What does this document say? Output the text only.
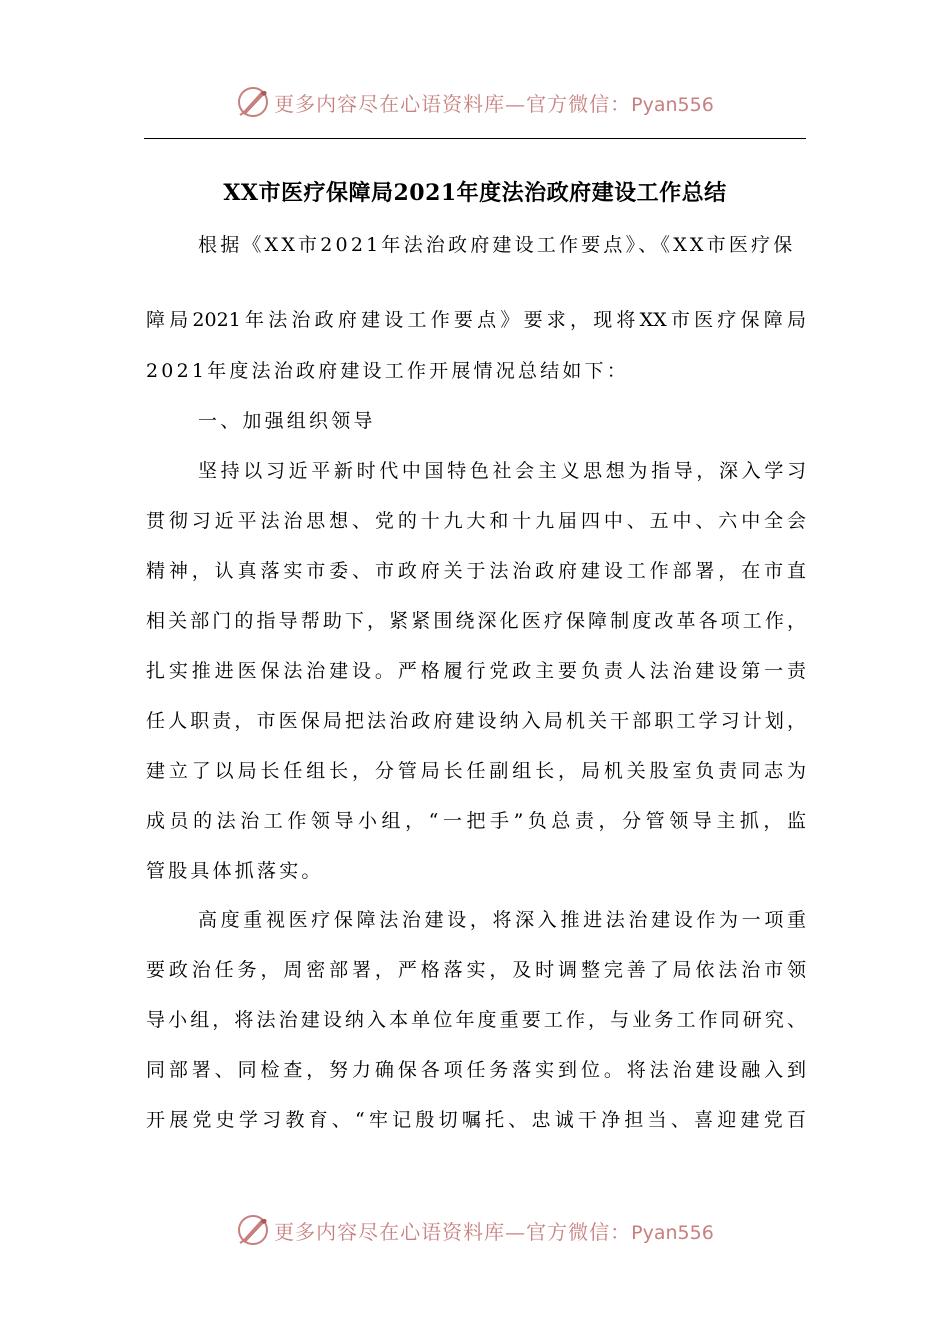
更多内容尽在心语资料库—官方微信：Pyan556
XX市医疗保障局2021年度法治政府建设工作总结
根据《XX市2021年法治政府建设工作要点》、《XX市医疗保
障局2021年法治政府建设工作要点》要求，现将XX市医疗保障局
2021年度法治政府建设工作开展情况总结如下：
一、加强组织领导
坚持以习近平新时代中国特色社会主义思想为指导，深入学习
贯彻习近平法治思想、党的十九大和十九届四中、五中、六中全会
精神，认真落实市委、市政府关于法治政府建设工作部署，在市直
相关部门的指导帮助下，紧紧围绕深化医疗保障制度改革各项工作，
扎实推进医保法治建设。严格履行党政主要负责人法治建设第一责
任人职责，市医保局把法治政府建设纳入局机关干部职工学习计划，
建立了以局长任组长，分管局长任副组长，局机关股室负责同志为
成员的法治工作领导小组，“一把手”负总责，分管领导主抓，监
管股具体抓落实。
高度重视医疗保障法治建设，将深入推进法治建设作为一项重
要政治任务，周密部署，严格落实，及时调整完善了局依法治市领
导小组，将法治建设纳入本单位年度重要工作，与业务工作同研究、
同部署、同检查，努力确保各项任务落实到位。将法治建设融入到
开展党史学习教育、“牢记殷切嘱托、忠诚干净担当、喜迎建党百
更多内容尽在心语资料库—官方微信：Pyan556
